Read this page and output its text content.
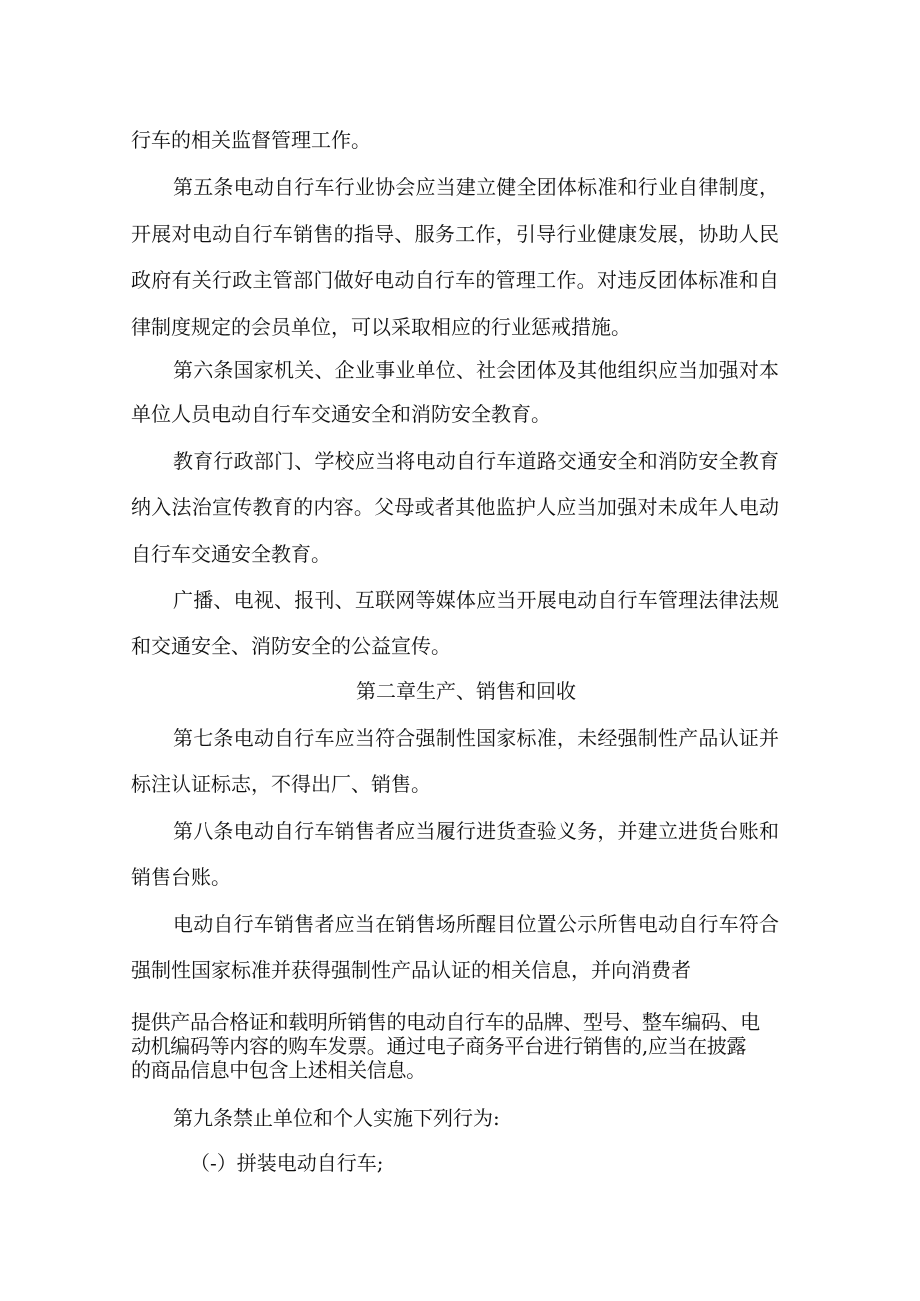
行车的相关监督管理工作。
第五条电动自行车行业协会应当建立健全团体标准和行业自律制度，
开展对电动自行车销售的指导、服务工作，引导行业健康发展，协助人民
政府有关行政主管部门做好电动自行车的管理工作。对违反团体标准和自
律制度规定的会员单位，可以采取相应的行业惩戒措施。
第六条国家机关、企业事业单位、社会团体及其他组织应当加强对本
单位人员电动自行车交通安全和消防安全教育。
教育行政部门、学校应当将电动自行车道路交通安全和消防安全教育
纳入法治宣传教育的内容。父母或者其他监护人应当加强对未成年人电动
自行车交通安全教育。
广播、电视、报刊、互联网等媒体应当开展电动自行车管理法律法规
和交通安全、消防安全的公益宣传。
第二章生产、销售和回收
第七条电动自行车应当符合强制性国家标准，未经强制性产品认证并
标注认证标志，不得出厂、销售。
第八条电动自行车销售者应当履行进货查验义务，并建立进货台账和
销售台账。
电动自行车销售者应当在销售场所醒目位置公示所售电动自行车符合
强制性国家标准并获得强制性产品认证的相关信息，并向消费者
提供产品合格证和载明所销售的电动自行车的品牌、型号、整车编码、电
动机编码等内容的购车发票。通过电子商务平台进行销售的,应当在披露
的商品信息中包含上述相关信息。
第九条禁止单位和个人实施下列行为:
（-）拼装电动自行车;
